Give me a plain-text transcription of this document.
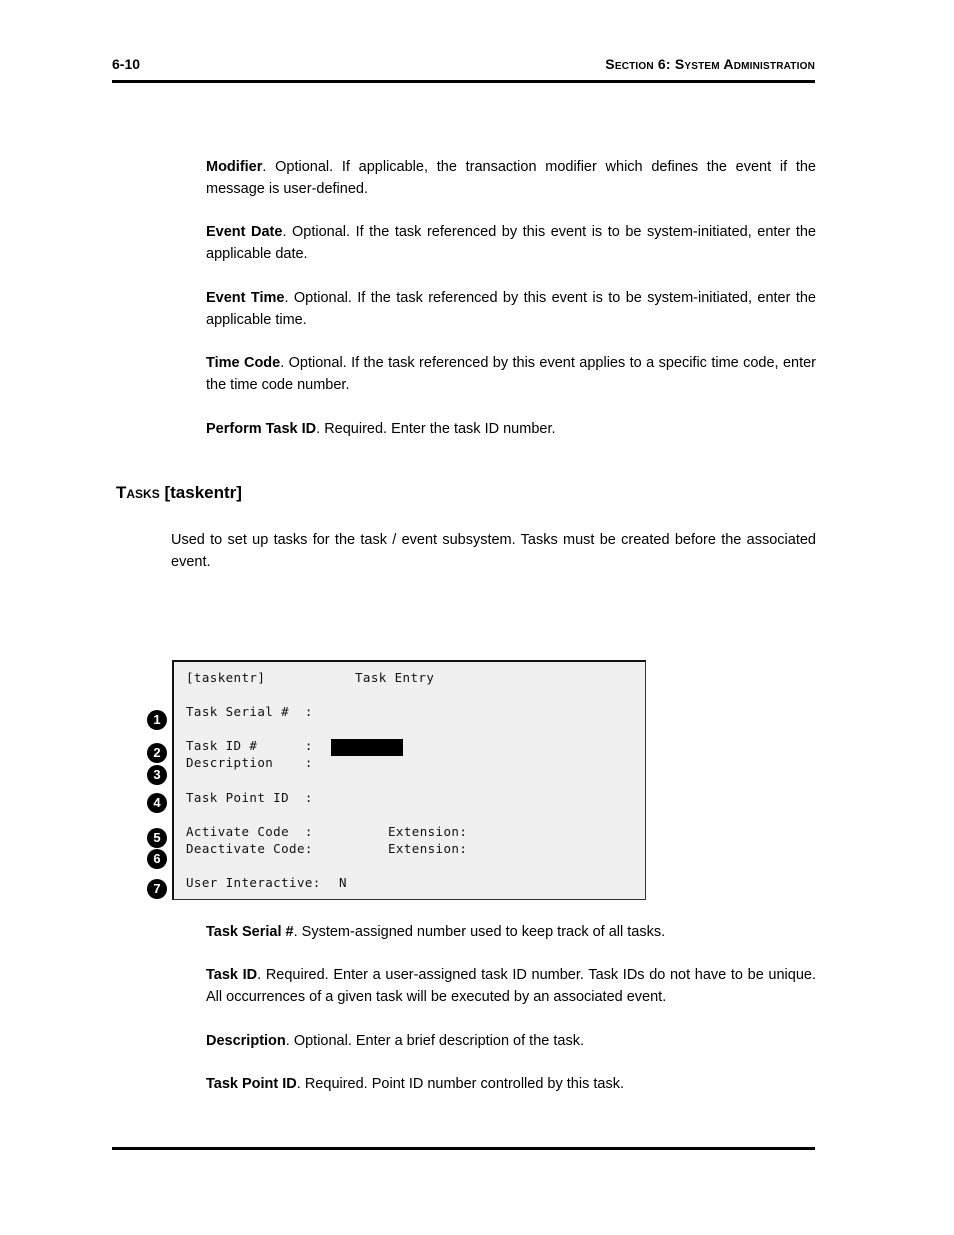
6-10	Section 6: System Administration
Modifier. Optional. If applicable, the transaction modifier which defines the event if the message is user-defined.
Event Date. Optional. If the task referenced by this event is to be system-initiated, enter the applicable date.
Event Time. Optional. If the task referenced by this event is to be system-initiated, enter the applicable time.
Time Code. Optional. If the task referenced by this event applies to a specific time code, enter the time code number.
Perform Task ID. Required. Enter the task ID number.
Tasks [taskentr]
Used to set up tasks for the task / event subsystem. Tasks must be created before the associated event.
[taskentr]	Task Entry
Task Serial #  :
Task ID #      :
Description    :
Task Point ID  :
Activate Code  :	Extension:
Deactivate Code:	Extension:
User Interactive: N
1
2
3
4
5
6
7
Task Serial #. System-assigned number used to keep track of all tasks.
Task ID. Required. Enter a user-assigned task ID number. Task IDs do not have to be unique. All occurrences of a given task will be executed by an associated event.
Description. Optional. Enter a brief description of the task.
Task Point ID. Required. Point ID number controlled by this task.
